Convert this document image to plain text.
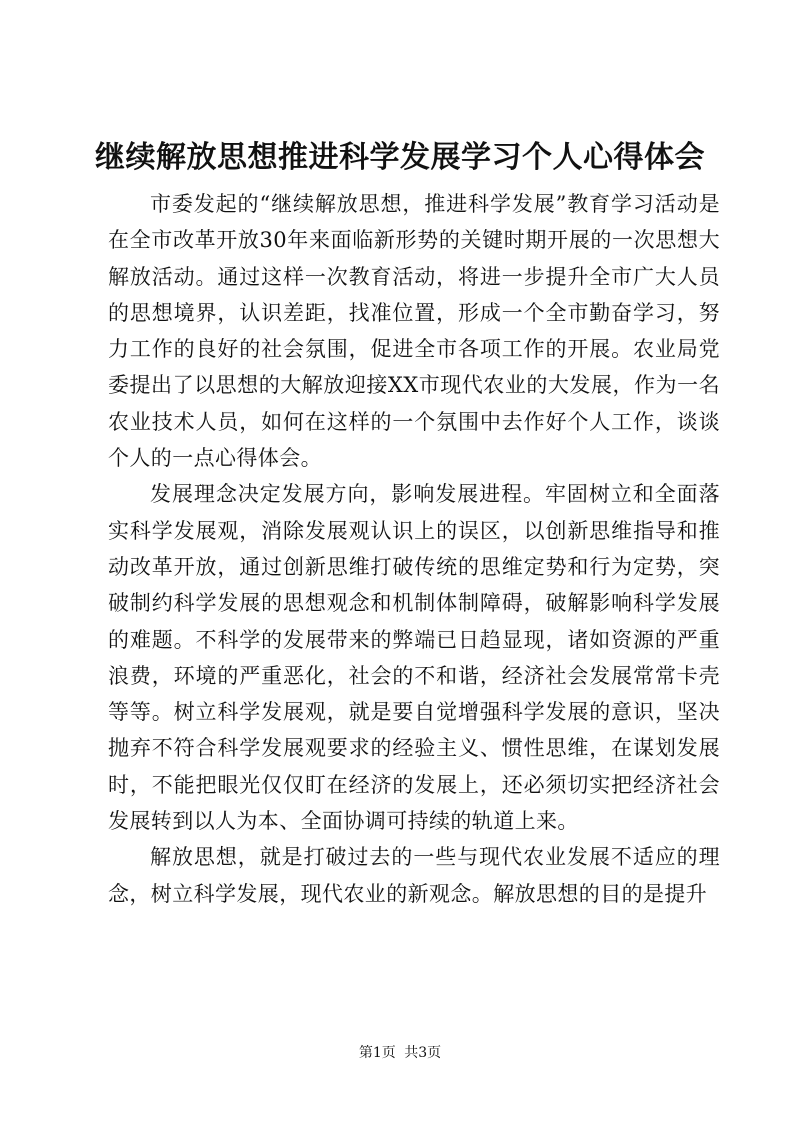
继续解放思想推进科学发展学习个人心得体会

市委发起的“继续解放思想，推进科学发展”教育学习活动是在全市改革开放30年来面临新形势的关键时期开展的一次思想大解放活动。通过这样一次教育活动，将进一步提升全市广大人员的思想境界，认识差距，找准位置，形成一个全市勤奋学习，努力工作的良好的社会氛围，促进全市各项工作的开展。农业局党委提出了以思想的大解放迎接XX市现代农业的大发展，作为一名农业技术人员，如何在这样的一个氛围中去作好个人工作，谈谈个人的一点心得体会。

发展理念决定发展方向，影响发展进程。牢固树立和全面落实科学发展观，消除发展观认识上的误区，以创新思维指导和推动改革开放，通过创新思维打破传统的思维定势和行为定势，突破制约科学发展的思想观念和机制体制障碍，破解影响科学发展的难题。不科学的发展带来的弊端已日趋显现，诸如资源的严重浪费，环境的严重恶化，社会的不和谐，经济社会发展常常卡壳等等。树立科学发展观，就是要自觉增强科学发展的意识，坚决抛弃不符合科学发展观要求的经验主义、惯性思维，在谋划发展时，不能把眼光仅仅盯在经济的发展上，还必须切实把经济社会发展转到以人为本、全面协调可持续的轨道上来。

解放思想，就是打破过去的一些与现代农业发展不适应的理念，树立科学发展，现代农业的新观念。解放思想的目的是提升

第1页 共3页
